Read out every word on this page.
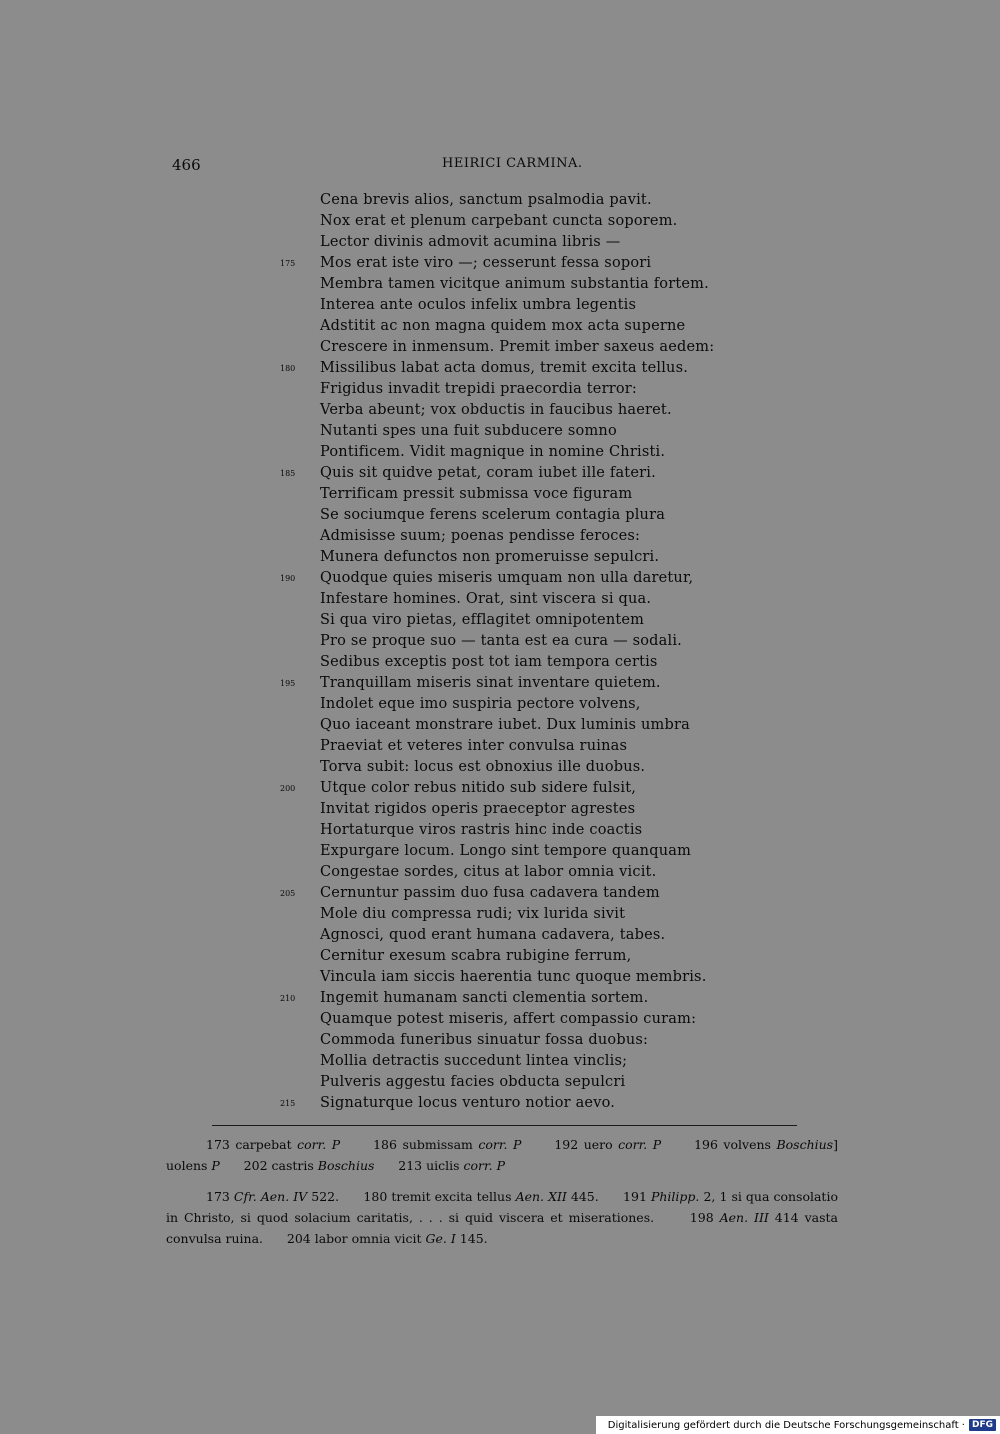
466	HEIRICI CARMINA.
Cena brevis alios, sanctum psalmodia pavit.
Nox erat et plenum carpebant cuncta soporem.
Lector divinis admovit acumina libris —
175	Mos erat iste viro —; cesserunt fessa sopori
Membra tamen vicitque animum substantia fortem.
Interea ante oculos infelix umbra legentis
Adstitit ac non magna quidem mox acta superne
Crescere in inmensum. Premit imber saxeus aedem:
180	Missilibus labat acta domus, tremit excita tellus.
Frigidus invadit trepidi praecordia terror:
Verba abeunt; vox obductis in faucibus haeret.
Nutanti spes una fuit subducere somno
Pontificem. Vidit magnique in nomine Christi.
185	Quis sit quidve petat, coram iubet ille fateri.
Terrificam pressit submissa voce figuram
Se sociumque ferens scelerum contagia plura
Admisisse suum; poenas pendisse feroces:
Munera defunctos non promeruisse sepulcri.
190	Quodque quies miseris umquam non ulla daretur,
Infestare homines. Orat, sint viscera si qua.
Si qua viro pietas, efflagitet omnipotentem
Pro se proque suo — tanta est ea cura — sodali.
Sedibus exceptis post tot iam tempora certis
195	Tranquillam miseris sinat inventare quietem.
Indolet eque imo suspiria pectore volvens,
Quo iaceant monstrare iubet. Dux luminis umbra
Praeviat et veteres inter convulsa ruinas
Torva subit: locus est obnoxius ille duobus.
200	Utque color rebus nitido sub sidere fulsit,
Invitat rigidos operis praeceptor agrestes
Hortaturque viros rastris hinc inde coactis
Expurgare locum. Longo sint tempore quanquam
Congestae sordes, citus at labor omnia vicit.
205	Cernuntur passim duo fusa cadavera tandem
Mole diu compressa rudi; vix lurida sivit
Agnosci, quod erant humana cadavera, tabes.
Cernitur exesum scabra rubigine ferrum,
Vincula iam siccis haerentia tunc quoque membris.
210	Ingemit humanam sancti clementia sortem.
Quamque potest miseris, affert compassio curam:
Commoda funeribus sinuatur fossa duobus:
Mollia detractis succedunt lintea vinclis;
Pulveris aggestu facies obducta sepulcri
215	Signaturque locus venturo notior aevo.

173 carpebat corr. P      186 submissam corr. P      192 uero corr. P      196 volvens Boschius] uolens P      202 castris Boschius      213 uiclis corr. P

173 Cfr. Aen. IV 522.      180 tremit excita tellus Aen. XII 445.      191 Philipp. 2, 1 si qua consolatio in Christo, si quod solacium caritatis, . . . si quid viscera et miserationes.      198 Aen. III 414 vasta convulsa ruina.      204 labor omnia vicit Ge. I 145.

Digitalisierung gefördert durch die Deutsche Forschungsgemeinschaft · DFG
